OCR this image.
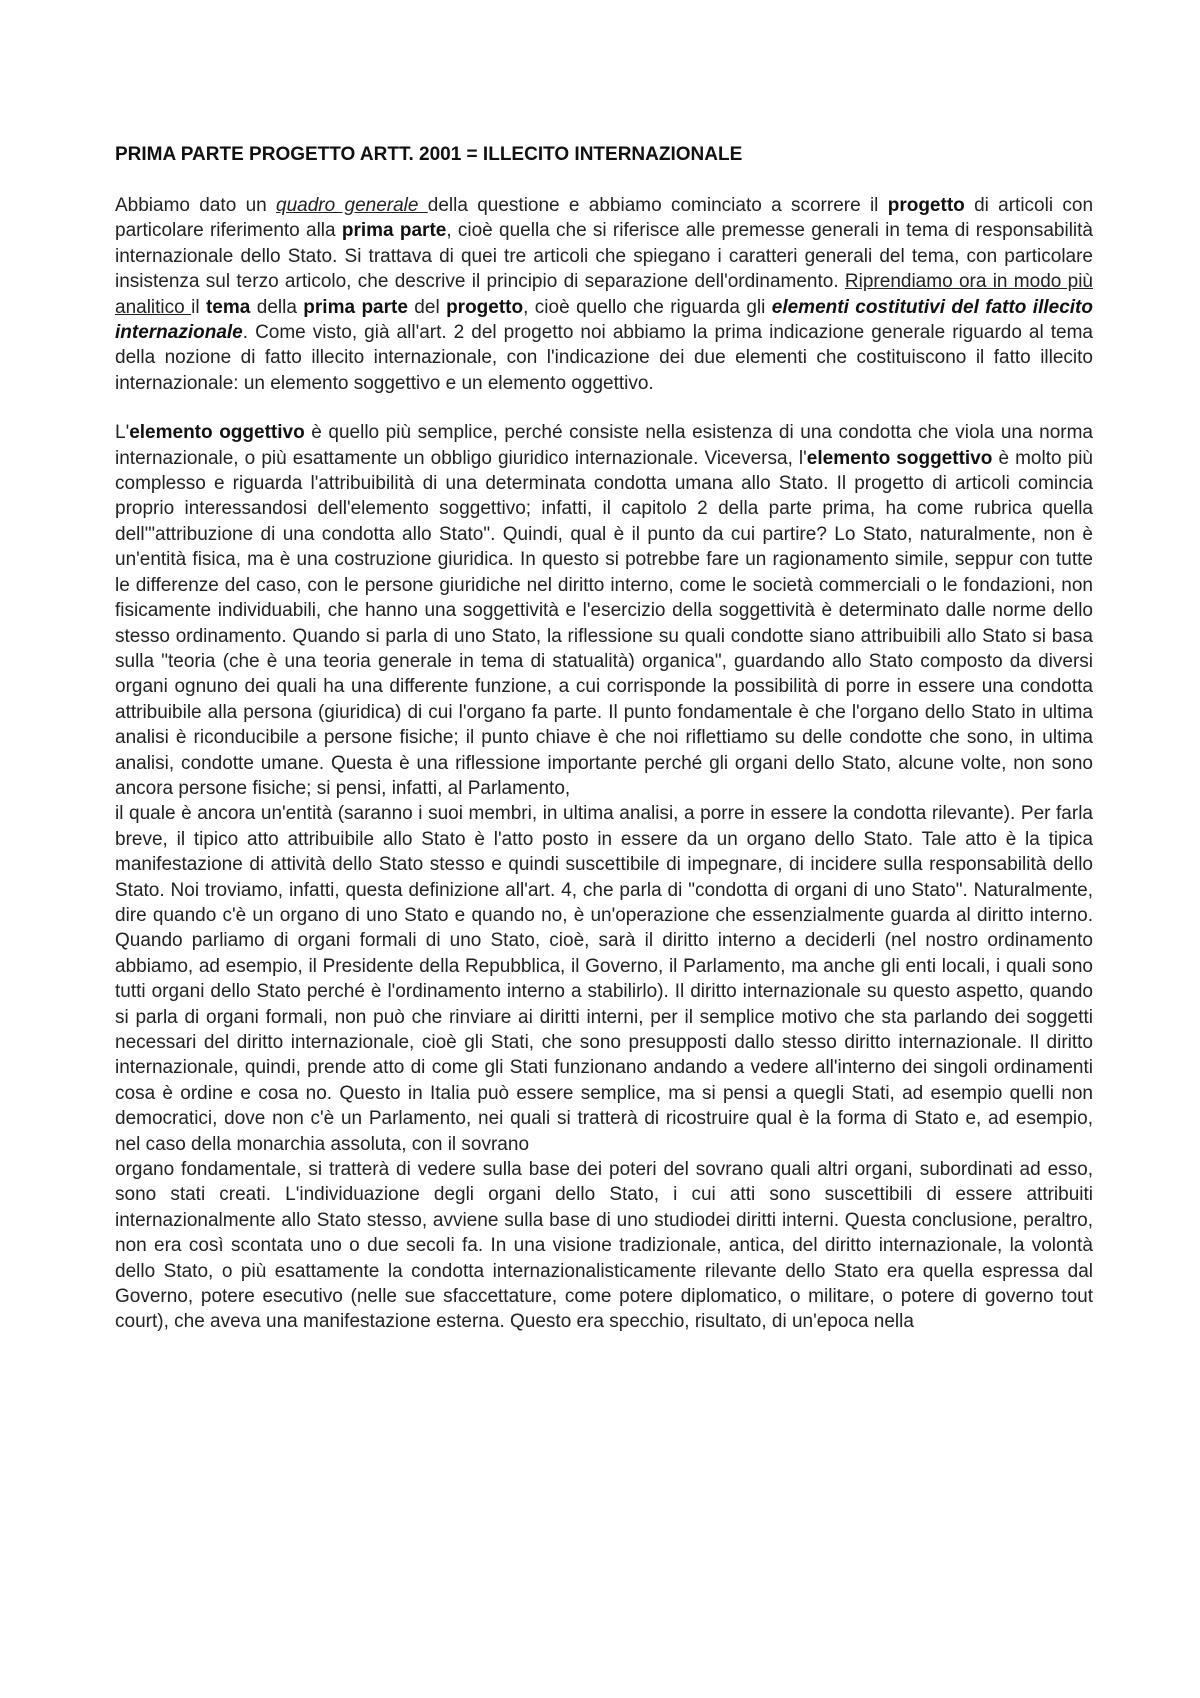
PRIMA PARTE PROGETTO ARTT. 2001 = ILLECITO INTERNAZIONALE

Abbiamo dato un quadro generale della questione e abbiamo cominciato a scorrere il progetto di articoli con particolare riferimento alla prima parte, cioè quella che si riferisce alle premesse generali in tema di responsabilità internazionale dello Stato. Si trattava di quei tre articoli che spiegano i caratteri generali del tema, con particolare insistenza sul terzo articolo, che descrive il principio di separazione dell'ordinamento. Riprendiamo ora in modo più analitico il tema della prima parte del progetto, cioè quello che riguarda gli elementi costitutivi del fatto illecito internazionale. Come visto, già all'art. 2 del progetto noi abbiamo la prima indicazione generale riguardo al tema della nozione di fatto illecito internazionale, con l'indicazione dei due elementi che costituiscono il fatto illecito internazionale: un elemento soggettivo e un elemento oggettivo.

L'elemento oggettivo è quello più semplice, perché consiste nella esistenza di una condotta che viola una norma internazionale, o più esattamente un obbligo giuridico internazionale. Viceversa, l'elemento soggettivo è molto più complesso e riguarda l'attribuibilità di una determinata condotta umana allo Stato. Il progetto di articoli comincia proprio interessandosi dell'elemento soggettivo; infatti, il capitolo 2 della parte prima, ha come rubrica quella dell'"attribuzione di una condotta allo Stato". Quindi, qual è il punto da cui partire? Lo Stato, naturalmente, non è un'entità fisica, ma è una costruzione giuridica. In questo si potrebbe fare un ragionamento simile, seppur con tutte le differenze del caso, con le persone giuridiche nel diritto interno, come le società commerciali o le fondazioni, non fisicamente individuabili, che hanno una soggettività e l'esercizio della soggettività è determinato dalle norme dello stesso ordinamento. Quando si parla di uno Stato, la riflessione su quali condotte siano attribuibili allo Stato si basa sulla "teoria (che è una teoria generale in tema di statualità) organica", guardando allo Stato composto da diversi organi ognuno dei quali ha una differente funzione, a cui corrisponde la possibilità di porre in essere una condotta attribuibile alla persona (giuridica) di cui l'organo fa parte. Il punto fondamentale è che l'organo dello Stato in ultima analisi è riconducibile a persone fisiche; il punto chiave è che noi riflettiamo su delle condotte che sono, in ultima analisi, condotte umane. Questa è una riflessione importante perché gli organi dello Stato, alcune volte, non sono ancora persone fisiche; si pensi, infatti, al Parlamento,

il quale è ancora un'entità (saranno i suoi membri, in ultima analisi, a porre in essere la condotta rilevante). Per farla breve, il tipico atto attribuibile allo Stato è l'atto posto in essere da un organo dello Stato. Tale atto è la tipica manifestazione di attività dello Stato stesso e quindi suscettibile di impegnare, di incidere sulla responsabilità dello Stato. Noi troviamo, infatti, questa definizione all'art. 4, che parla di "condotta di organi di uno Stato". Naturalmente, dire quando c'è un organo di uno Stato e quando no, è un'operazione che essenzialmente guarda al diritto interno. Quando parliamo di organi formali di uno Stato, cioè, sarà il diritto interno a deciderli (nel nostro ordinamento abbiamo, ad esempio, il Presidente della Repubblica, il Governo, il Parlamento, ma anche gli enti locali, i quali sono tutti organi dello Stato perché è l'ordinamento interno a stabilirlo). Il diritto internazionale su questo aspetto, quando si parla di organi formali, non può che rinviare ai diritti interni, per il semplice motivo che sta parlando dei soggetti necessari del diritto internazionale, cioè gli Stati, che sono presupposti dallo stesso diritto internazionale. Il diritto internazionale, quindi, prende atto di come gli Stati funzionano andando a vedere all'interno dei singoli ordinamenti cosa è ordine e cosa no. Questo in Italia può essere semplice, ma si pensi a quegli Stati, ad esempio quelli non democratici, dove non c'è un Parlamento, nei quali si tratterà di ricostruire qual è la forma di Stato e, ad esempio, nel caso della monarchia assoluta, con il sovrano

organo fondamentale, si tratterà di vedere sulla base dei poteri del sovrano quali altri organi, subordinati ad esso, sono stati creati. L'individuazione degli organi dello Stato, i cui atti sono suscettibili di essere attribuiti internazionalmente allo Stato stesso, avviene sulla base di uno studiodei diritti interni. Questa conclusione, peraltro, non era così scontata uno o due secoli fa. In una visione tradizionale, antica, del diritto internazionale, la volontà dello Stato, o più esattamente la condotta internazionalisticamente rilevante dello Stato era quella espressa dal Governo, potere esecutivo (nelle sue sfaccettature, come potere diplomatico, o militare, o potere di governo tout court), che aveva una manifestazione esterna. Questo era specchio, risultato, di un'epoca nella
